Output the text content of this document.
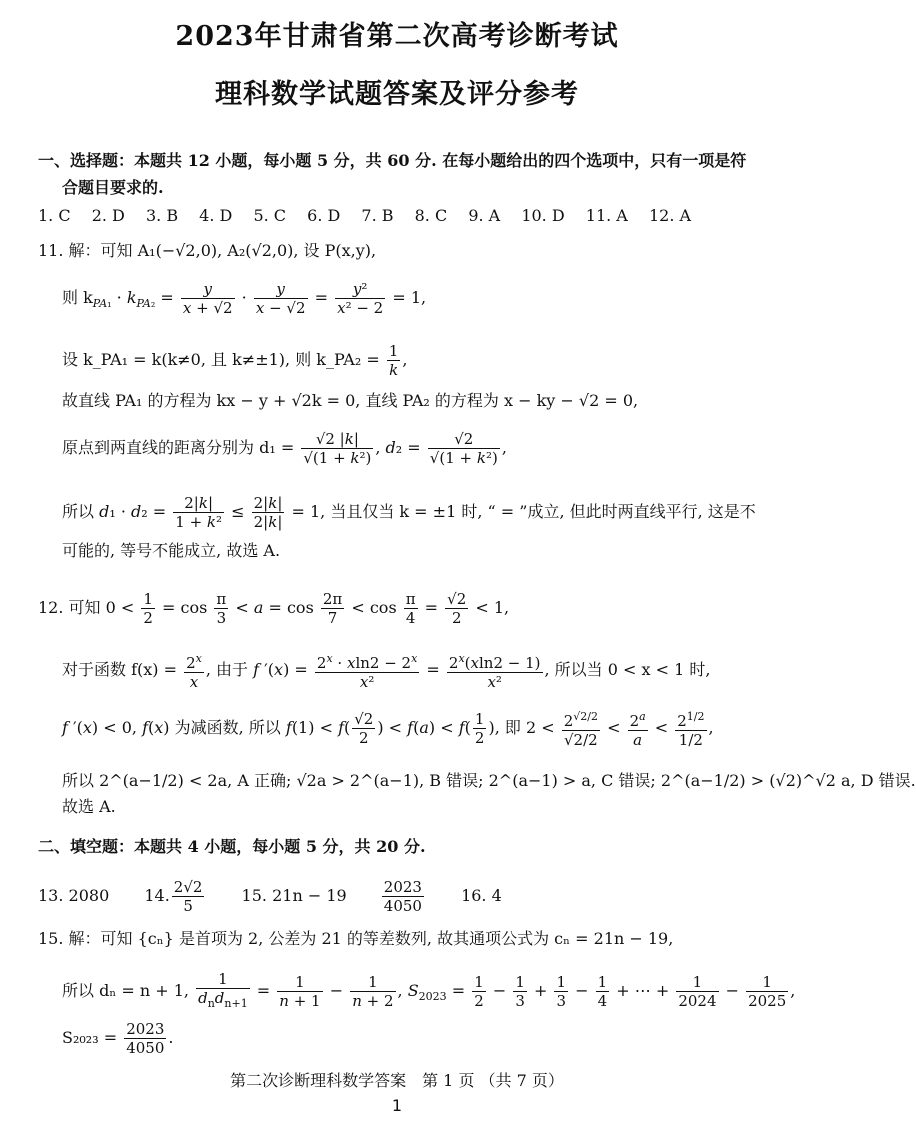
2023年甘肃省第二次高考诊断考试
理科数学试题答案及评分参考
一、选择题：本题共 12 小题，每小题 5 分，共 60 分. 在每小题给出的四个选项中，只有一项是符
合题目要求的.
1. C 2. D 3. B 4. D 5. C 6. D 7. B 8. C 9. A 10. D 11. A 12. A
11. 解：可知 A₁(−√2,0), A₂(√2,0), 设 P(x,y),
则 $k_{PA_1} \cdot k_{PA_2} = \frac{y}{x + √2} \cdot \frac{y}{x - √2} = \frac{\text{y²}}{\text{x² − 2}} = 1$,
设 k_PA₁ = k(k≠0, 且 k≠±1), 则 k_PA₂ = $\frac{1}{k}$ ,
故直线 PA₁ 的方程为 kx − y + √2k = 0, 直线 PA₂ 的方程为 x − ky − √2 = 0,
原点到两直线的距离分别为 $d_1 = \frac{√2 |k|}{\text{√(1 + k²)}}$ , $d_2 = \frac{√2}{\text{√(1 + k²)}}$ ,
所以 $d_1 \cdot d_2 = \frac{2|k|}{\text{1 + k²}} \le \frac{2|k|}{2|k|} = 1$, 当且仅当 k = ±1 时, “ = ”成立, 但此时两直线平行, 这是不
可能的, 等号不能成立, 故选 A.
12. 可知 $0 < \frac{1}{2} = \cos \frac{\pi}{3} < a = \cos \frac{2\pi}{7} < \cos \frac{\pi}{4} = \frac{√2}{2} < 1$,
对于函数 $f(x) = \frac{2^x}{x}$ , 由于 f $'(x) = \frac{2^x \cdot xln2 - 2^x}{\text{x²}} = \frac{2^x(xln2 - 1)}{\text{x²}}$ , 所以当 0 < x < 1 时,
f ′(x) < 0, f(x) 为减函数, 所以 $f(1) < f( \frac{√2}{2}$ ) < $f(a) < f( \frac{1}{2}$ ), 即 $2 < \frac{2^{√2/2}}{√2/2} < \frac{2^a}{a} < \frac{2^{1/2}}{1/2}$ ,
所以 2^(a−1/2) < 2a, A 正确; √2a > 2^(a−1), B 错误; 2^(a−1) > a, C 错误; 2^(a−1/2) > (√2)^√2 a, D 错误.
故选 A.
二、填空题：本题共 4 小题，每小题 5 分，共 20 分.
13. 2080 14. $\frac{2√2}{5} 15$. $21n - 19 \frac{2023}{4050} 16$. 4
15. 解：可知 {cₙ} 是首项为 2, 公差为 21 的等差数列, 故其通项公式为 cₙ = 21n − 19,
所以 dₙ = n + 1, $\frac{1}{d_nd_{n+1}} = \frac{1}{n + 1} - \frac{1}{n + 2}$ , $S_{2023} = \frac{1}{2} - \frac{1}{3} + \frac{1}{3} - \frac{1}{4}$ + ⋯ + $\frac{1}{2024} - \frac{1}{2025}$ ,
$S_{2023} = \frac{2023}{4050}$ .
第二次诊断理科数学答案　第 1 页 （共 7 页）
1
